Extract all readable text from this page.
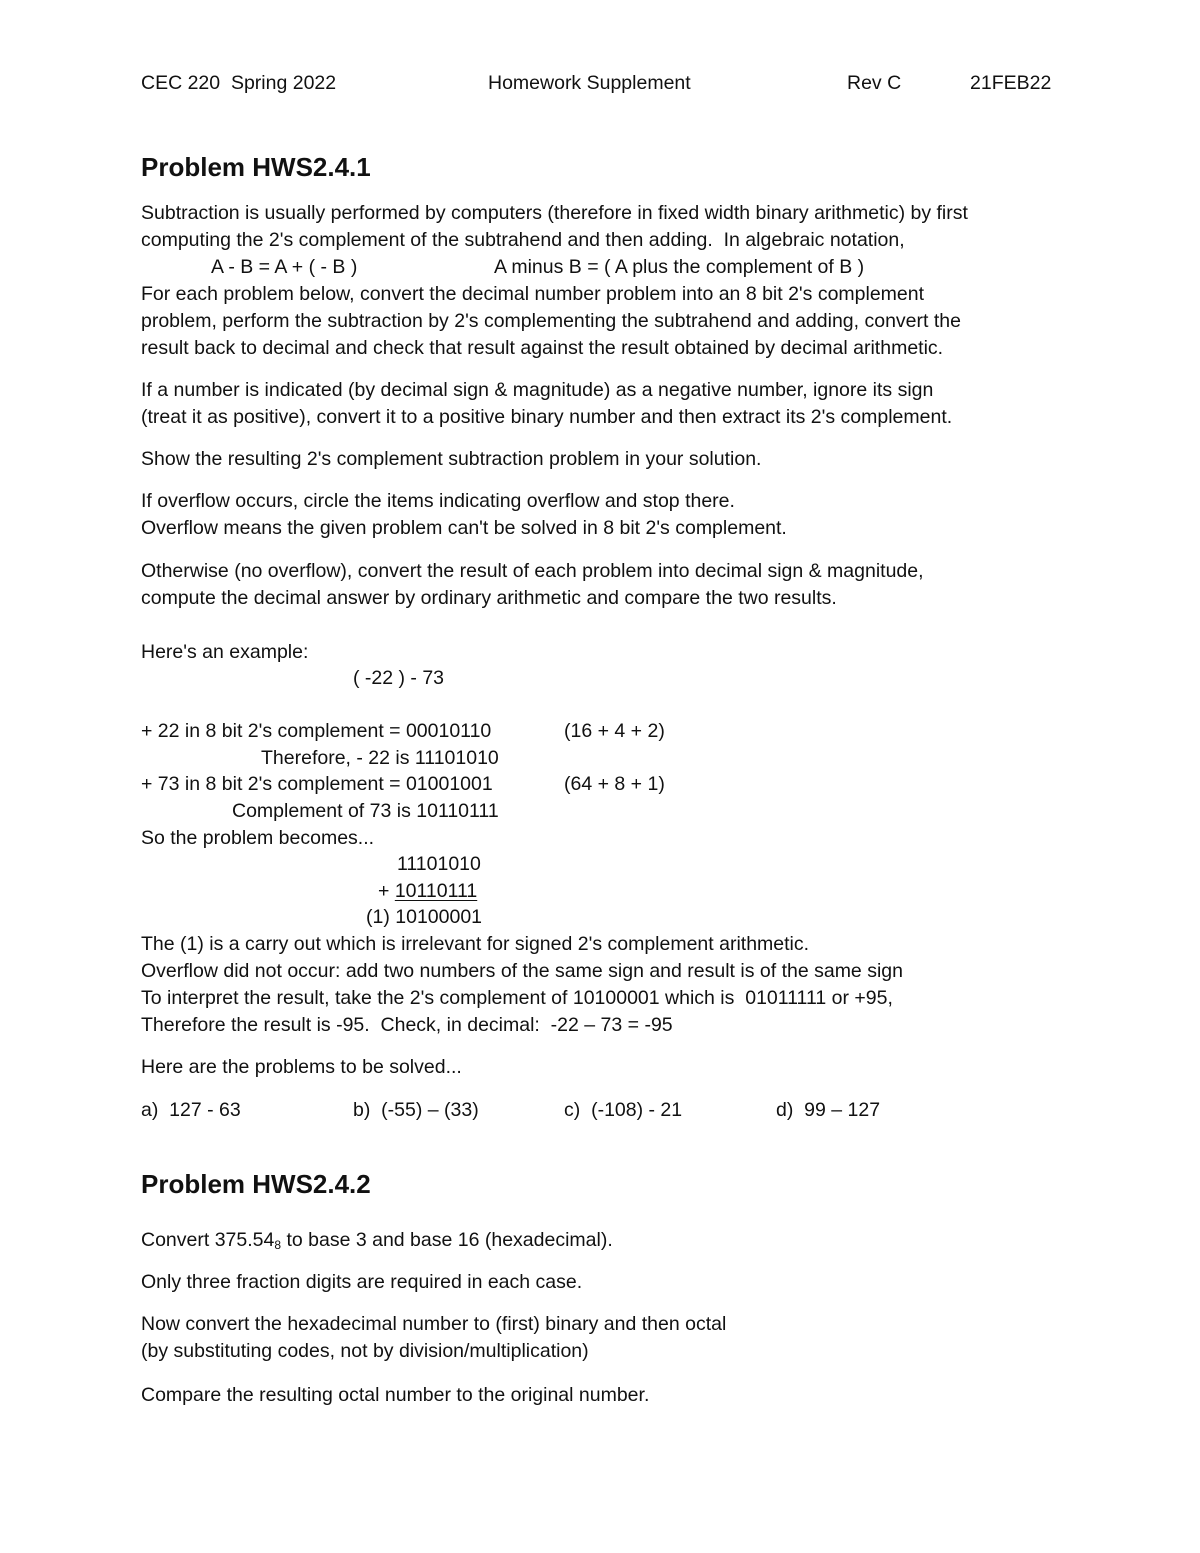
CEC 220  Spring 2022	Homework Supplement	Rev C	21FEB22
Problem HWS2.4.1
Subtraction is usually performed by computers (therefore in fixed width binary arithmetic) by first
computing the 2's complement of the subtrahend and then adding.  In algebraic notation,
A - B = A + ( - B )	A minus B = ( A plus the complement of B )
For each problem below, convert the decimal number problem into an 8 bit 2's complement
problem, perform the subtraction by 2's complementing the subtrahend and adding, convert the
result back to decimal and check that result against the result obtained by decimal arithmetic.
If a number is indicated (by decimal sign & magnitude) as a negative number, ignore its sign
(treat it as positive), convert it to a positive binary number and then extract its 2's complement.
Show the resulting 2's complement subtraction problem in your solution.
If overflow occurs, circle the items indicating overflow and stop there.
Overflow means the given problem can't be solved in 8 bit 2's complement.
Otherwise (no overflow), convert the result of each problem into decimal sign & magnitude,
compute the decimal answer by ordinary arithmetic and compare the two results.
Here's an example:
( -22 ) - 73
+ 22 in 8 bit 2's complement = 00010110	(16 + 4 + 2)
Therefore, - 22 is 11101010
+ 73 in 8 bit 2's complement = 01001001	(64 + 8 + 1)
Complement of 73 is 10110111
So the problem becomes...
11101010
+ 10110111
(1) 10100001
The (1) is a carry out which is irrelevant for signed 2's complement arithmetic.
Overflow did not occur: add two numbers of the same sign and result is of the same sign
To interpret the result, take the 2's complement of 10100001 which is  01011111 or +95,
Therefore the result is -95.  Check, in decimal:  -22 – 73 = -95
Here are the problems to be solved...
a)  127 - 63	b)  (-55) – (33)	c)  (-108) - 21	d)  99 – 127
Problem HWS2.4.2
Convert $375.54_8$ to base 3 and base 16 (hexadecimal).
Only three fraction digits are required in each case.
Now convert the hexadecimal number to (first) binary and then octal
(by substituting codes, not by division/multiplication)
Compare the resulting octal number to the original number.
